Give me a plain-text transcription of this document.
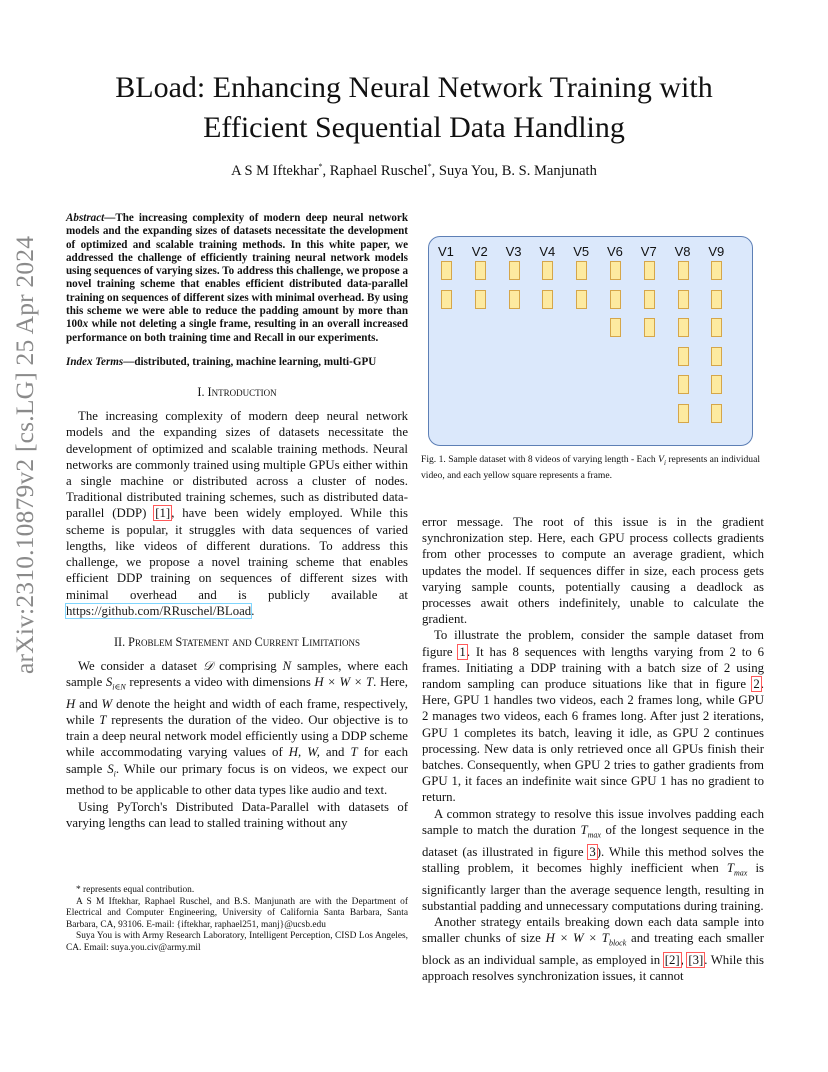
BLoad: Enhancing Neural Network Training with
Efficient Sequential Data Handling
A S M Iftekhar*, Raphael Ruschel*, Suya You, B. S. Manjunath
arXiv:2310.10879v2 [cs.LG] 25 Apr 2024
Abstract—The increasing complexity of modern deep neural network models and the expanding sizes of datasets necessitate the development of optimized and scalable training methods. In this white paper, we addressed the challenge of efficiently training neural network models using sequences of varying sizes. To address this challenge, we propose a novel training scheme that enables efficient distributed data-parallel training on sequences of different sizes with minimal overhead. By using this scheme we were able to reduce the padding amount by more than 100x while not deleting a single frame, resulting in an overall increased performance on both training time and Recall in our experiments.
Index Terms—distributed, training, machine learning, multi-GPU
I. Introduction

The increasing complexity of modern deep neural network models and the expanding sizes of datasets necessitate the development of optimized and scalable training methods. Neural networks are commonly trained using multiple GPUs either within a single machine or distributed across a cluster of nodes. Traditional distributed training schemes, such as distributed data-parallel (DDP) [1], have been widely employed. While this scheme is popular, it struggles with data sequences of varied lengths, like videos of different durations. To address this challenge, we propose a novel training scheme that enables efficient DDP training on sequences of different sizes with minimal overhead and is publicly available at https://github.com/RRuschel/BLoad.

II. Problem Statement and Current Limitations

We consider a dataset 𝒟 comprising N samples, where each sample $S_{i\in N}$ represents a video with dimensions H × W × T. Here, H and W denote the height and width of each frame, respectively, while T represents the duration of the video. Our objective is to train a deep neural network model efficiently using a DDP scheme while accommodating varying values of H, W, and T for each sample $S_i$. While our primary focus is on videos, we expect our method to be applicable to other data types like audio and text.

Using PyTorch's Distributed Data-Parallel with datasets of varying lengths can lead to stalled training without any

* represents equal contribution.
A S M Iftekhar, Raphael Ruschel, and B.S. Manjunath are with the Department of Electrical and Computer Engineering, University of California Santa Barbara, Santa Barbara, CA, 93106. E-mail: {iftekhar, raphael251, manj}@ucsb.edu
Suya You is with Army Research Laboratory, Intelligent Perception, CISD Los Angeles, CA. Email: suya.you.civ@army.mil
V1 V2 V3 V4 V5 V6 V7 V8 V9
Fig. 1. Sample dataset with 8 videos of varying length - Each $V_i$ represents an individual video, and each yellow square represents a frame.

error message. The root of this issue is in the gradient synchronization step. Here, each GPU process collects gradients from other processes to compute an average gradient, which updates the model. If sequences differ in size, each process gets varying sample counts, potentially causing a deadlock as processes await others indefinitely, unable to calculate the gradient.

To illustrate the problem, consider the sample dataset from figure 1. It has 8 sequences with lengths varying from 2 to 6 frames. Initiating a DDP training with a batch size of 2 using random sampling can produce situations like that in figure 2. Here, GPU 1 handles two videos, each 2 frames long, while GPU 2 manages two videos, each 6 frames long. After just 2 iterations, GPU 1 completes its batch, leaving it idle, as GPU 2 continues processing. New data is only retrieved once all GPUs finish their batches. Consequently, when GPU 2 tries to gather gradients from GPU 1, it faces an indefinite wait since GPU 1 has no gradient to return.

A common strategy to resolve this issue involves padding each sample to match the duration $T_{max}$ of the longest sequence in the dataset (as illustrated in figure 3). While this method solves the stalling problem, it becomes highly inefficient when $T_{max}$ is significantly larger than the average sequence length, resulting in substantial padding and unnecessary computations during training.

Another strategy entails breaking down each data sample into smaller chunks of size $H \times W \times T_{block}$ and treating each smaller block as an individual sample, as employed in [2], [3]. While this approach resolves synchronization issues, it cannot
